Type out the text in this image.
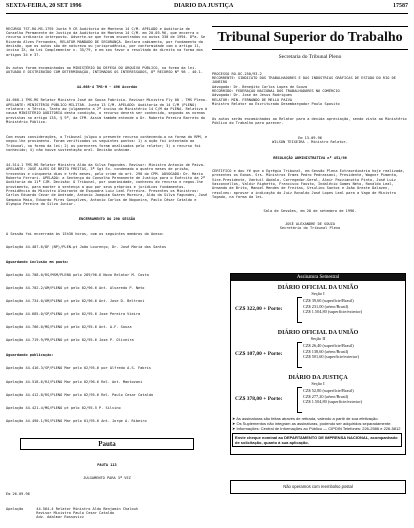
SEXTA-FEIRA, 20 SET 1996	DIARIO DA JUSTIÇA	17587

RECURSO TST-RO-MS-1795 Junta 9 CR Auditoria de Mantena 14 C/M. APELADO e Auditoria de Conselho Permanente de Justiça da Auditoria de Mantena 14 C/M. em 20.05.96, que encerra o recurso ordinario interposto. Adverte-se que foram encontradas no autos 330 de 1994. 8ºa. Se Ricardo Alves Fernandes, RELATOR MANDADO DE SEGURANÇA. Declara cabimento, por fundamento da decisão, que os autos são de natureza ou jurisprudência, por conformidade com o artigo 11, inciso IX, da Lei Complementar n. 35/79, e em seu favor o resultado de direito na forma dos artigos 34 e 37.

Os autos foram encaminhados ao MINISTÉRIO DA DEFESA DO ARQUIVO PÚBLICO, na forma da lei. AUTUADO E DISTRIBUÍDO COM DETERMINAÇÃO, INTIMADOS OS INTERESSADOS, 8º RECURSO Nº 98 - 40-1.

44.668-4 TMS-H - 496 Acordão

44.660-1 TMS-MS Relator Ministro José de Souza Fabricio. Revisor Ministro Fly 00 - TMS Pleno. APELANTE: MINISTÉRIO PÚBLICO MILITAR. Junta 13 C/M. APELADO: Auditoria da 14 C/M (PLENO) relatora: a Tércio, Tanto ao julgamento a 2ª inciso do Ministério 14 C/M da PLENA. Relativo à causa MINISTÉRIO AUDITORIA desta condição, o recurso deverá ser conhecido, segundo as normas previstas no artigo 135, § 9º, da CFM. Assim também entende o Dr. Roberto Pereira Barreto do Ministério Público.

Com essas considerações, o Tribunal julgou o presente recurso conhecendo-o na forma do RPM, e negou-lhe provimento. Foram verificados os seguintes pontos: 1) a ação foi intentada ao Tribunal, na forma da lei; 2) os pareceres foram analisados pelo relator; 3) o recurso foi conhecido; 4) não houve sustentação oral. Decisão unânime.

44.514-1 TMS-MS Relator Ministro Aldo da Silva Fagundes. Revisor: Ministro Antonio de Paiva. APELANTE: JOSÉ ALVES DE BRITO FREITAS, 3ª Sgt Ex. condenado a quatro meses de prisão, trezentos e cinquenta dias e três meses, pelo crime do art. 290 do CPM. ADVOGADO: Dr. Mario Roberto Ferrari. APELADA: a Sentença do Conselho Permanente de Justiça para o Exército da 2ª Auditoria da 11ª CJM. Decisão: O Tribunal, por unanimidade, conheceu do recurso e negou-lhe provimento, para manter a sentença a quo por seus próprios e jurídicos fundamentos. Presidência do Ministro Almirante de Esquadra Luiz Leal Ferreira. Presentes os Ministros: Carlos Eduardo Cezar de Andrade, Antonio Joaquim Soares Moreira, Aldo da Silva Fagundes, José Sampaio Maia, Eduardo Pires Gonçalves, Antonio Carlos de Nogueira, Paulo César Cataldo e Olympio Pereira da Silva Junior.

ENCERRAMENTO DO 290 SESSÃO

A Sessão foi encerrada às 15h30 horas, com os seguintes membros do Anexo:

Apelação 44.487-6/DF (NP)/PLEN-pt João Lourenço, Dr. José Maria dos Santos

Aguardando inclusão em pauta:

Apelação 44.708-0/RS/MSM/PLENO pelo 289/96.6 Novo Relator M. Costa

Apelação 44.702-2/AM/PLENO pt pelo 02/96.6 Ant. Alvaredo P. Neto

Apelação 44.734-0/AM/PLENO pt pelo 02/96-6 Ant. Jose D. Beltrani

Apelação 44.685-0/SP/PLENO pt pelo 02/95-6 Jose Pereira Vieira

Apelação 44.706-0/MG/PLENO pt pelo 02/95-6 Ant. A.F. Souza

Apelação 44.719-9/PR/PLENO pt pelo 02/95-6 Jose P. Oliveira

Aguardando publicação:

Apelação 44.416-3/SP/PLENO Mar pelo 02/95-6 por Alfredo A.S. Fabris

Apelação 44.518-6/RJ/PLENO Mar pelo 02/96-6 Rel. Ant. Mantovani

Apelação 44.412-8/RS/PLENO Mar pelo 02/95-6 Rel. Paulo Cesar Cataldo

Apelação 44.421-4/MG/PLENO pt pelo 02/95-5 P. Silvino

Apelação 44.490-1/RS/PLENO Mar pelo 01/95-6 Ant. Jorge A. Ribeiro

Pauta

PAUTA 113

JULGAMENTO PARA 3ª VEZ

Em 26.09.96

Apelação      44.564-4 Relator Ministro Aldo Benjamin Chalouh
Revisor Ministro Paulo Cesar Cataldo
Adv. Adalmar Rossovicz

Tribunal Superior do Trabalho
Secretaria do Tribunal Pleno

PROCESSO RO-DC-250/93.2
RECORRENTE: SINDICATO DOS TRABALHADORES E DAS INDÚSTRIAS GRÁFICAS DE ESTADO DO RIO DE JANEIRO
Advogado: Dr. Benedito Carlos Lopes de Souza
RECORRIDO: FEDERAÇÃO NACIONAL DOS TRABALHADORES NO COMÉRCIO
Advogado: Dr. Jose de Jesus Rodrigues
RELATOR: MIN. FERNANDO DE MELLO PAIVA
Ministro Relator ao Escriturado Desembargador Paulo Sposito

Os autos serão encaminhados ao Relator para a devida apreciação, sendo vista ao Ministério Público do Trabalho para parecer.

Em 13.09.96
WILSON TEIXEIRA - Ministro Relator.

RESOLUÇÃO ADMINISTRATIVA nº 451/96

CERTIFICO e dou fé que o Egrégio Tribunal, em Sessão Plena Extraordinária hoje realizada, presentes os Exmos. Srs. Ministros Ermes Pedro Pedrassani, Presidente, Wagner Pimenta, Vice-Presidente, Vantuil Abdala, Corregedor-Geral, Almir Pazzianotto Pinto, José Luiz Vasconcellos, Valdir Righetto, Francisco Fausto, Indalécio Gomes Neto, Ronaldo Leal, Armando de Brito, Manoel Mendes de Freitas, Ursulino Santos e João Oreste Dalazen, resolveu: aprovar a indicação do Juiz Ronaldo José Lopes Leal para a Vaga de Ministro Togado, na forma da lei.

Sala de Sessões, em 20 de setembro de 1996.

JOSÉ ALEXANDRE DE SOUZA
Secretário do Tribunal Pleno

Assinatura Semestral
DIÁRIO OFICIAL DA UNIÃO
Seção I
CZ$ 322,00 + Porte:
CZ$ 39,60 (superfície/Brasil)
CZ$ 231,00 (aéreo/Brasil)
CZ$ 1.504,80 (superfície/exterior)
DIÁRIO OFICIAL DA UNIÃO
Seção II
CZ$ 107,00 + Porte:
CZ$ 26,40 (superfície/Brasil)
CZ$ 138,60 (aéreo/Brasil)
CZ$ 501,60 (superfície/exterior)
DIÁRIO DA JUSTIÇA
Seção I
CZ$ 378,00 + Porte:
CZ$ 52,80 (superfície/Brasil)
CZ$ 277,20 (aéreo/Brasil)
CZ$ 1.504,80 (superfície/exterior)
➤ As assinaturas são feitas através de retirada, valendo a partir de sua efetivação.
➤ Os Suplementos não integram as assinaturas, podendo ser adquiridos separadamente.
➤ Informações: Central de Informações ao Público — CIPDIN Telefones: 226-2586 e 226-5812
Envie cheque nominal ao DEPARTAMENTO DE IMPRENSA NACIONAL, acompanhado de solicitação, quanto à sua aplicação.
Não operamos com reembolso postal
